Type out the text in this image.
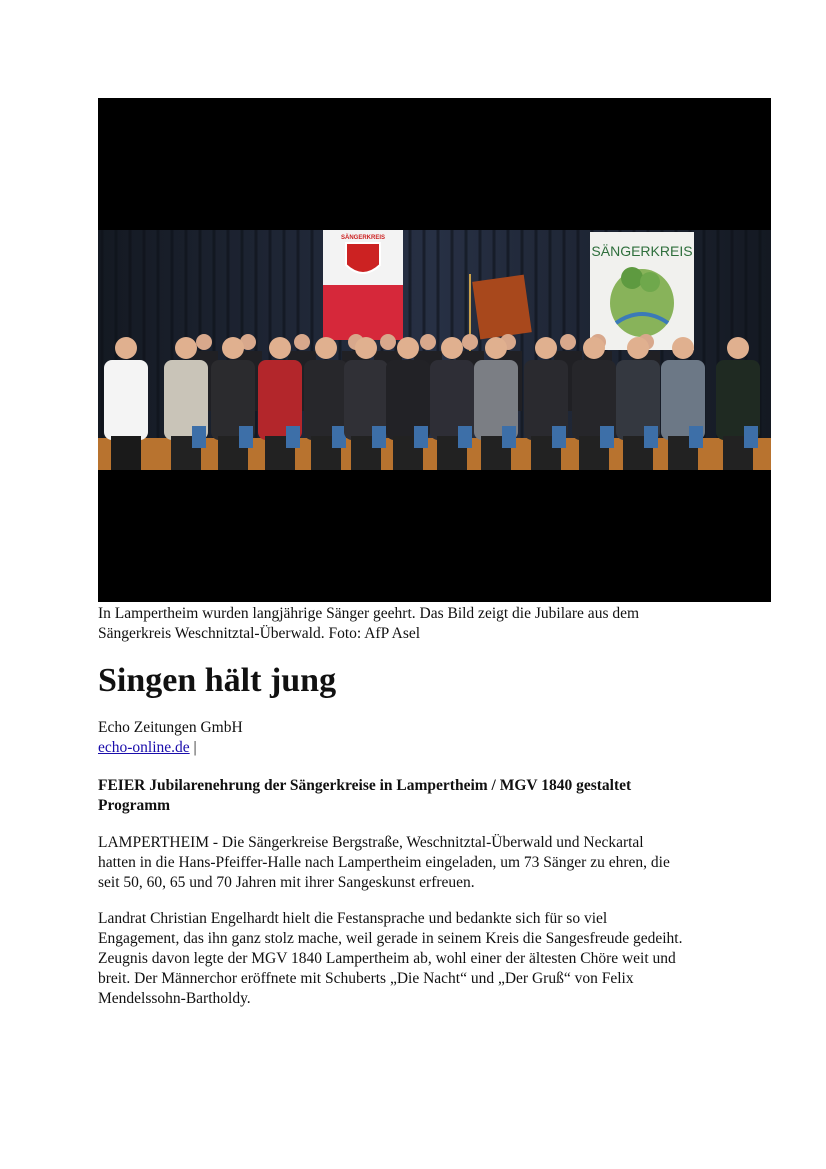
SÄNGERKREIS
SÄNGERKREIS
In Lampertheim wurden langjährige Sänger geehrt. Das Bild zeigt die Jubilare aus dem
Sängerkreis Weschnitztal-Überwald. Foto: AfP Asel
Singen hält jung
Echo Zeitungen GmbH
echo-online.de |
FEIER Jubilarenehrung der Sängerkreise in Lampertheim / MGV 1840 gestaltet
Programm
LAMPERTHEIM - Die Sängerkreise Bergstraße, Weschnitztal-Überwald und Neckartal
hatten in die Hans-Pfeiffer-Halle nach Lampertheim eingeladen, um 73 Sänger zu ehren, die
seit 50, 60, 65 und 70 Jahren mit ihrer Sangeskunst erfreuen.
Landrat Christian Engelhardt hielt die Festansprache und bedankte sich für so viel
Engagement, das ihn ganz stolz mache, weil gerade in seinem Kreis die Sangesfreude gedeiht.
Zeugnis davon legte der MGV 1840 Lampertheim ab, wohl einer der ältesten Chöre weit und
breit. Der Männerchor eröffnete mit Schuberts „Die Nacht“ und „Der Gruß“ von Felix
Mendelssohn-Bartholdy.
